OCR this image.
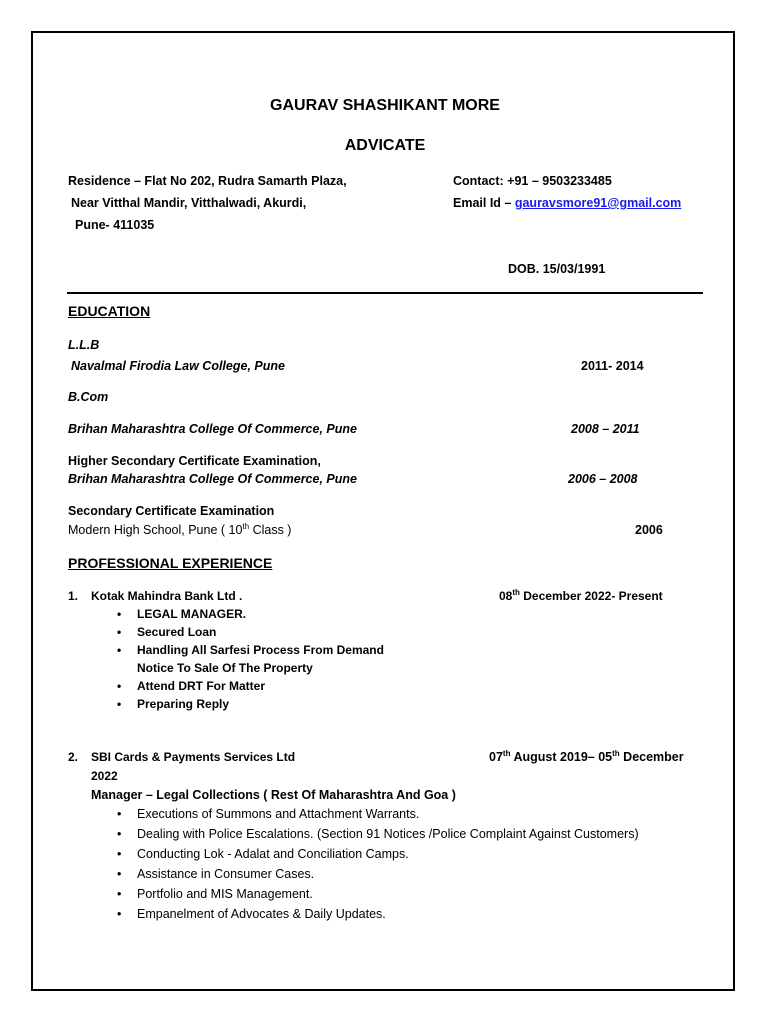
GAURAV SHASHIKANT MORE
ADVICATE
Residence – Flat No 202, Rudra Samarth Plaza,
Near Vitthal Mandir, Vitthalwadi, Akurdi,
Pune- 411035
Contact: +91 – 9503233485
Email Id – gauravsmore91@gmail.com
DOB. 15/03/1991
EDUCATION
L.L.B
Navalmal Firodia Law College, Pune	2011- 2014
B.Com
Brihan Maharashtra College Of Commerce, Pune	2008 – 2011
Higher Secondary Certificate Examination,
Brihan Maharashtra College Of Commerce, Pune	2006 – 2008
Secondary Certificate Examination
Modern High School, Pune ( 10th Class )	2006
PROFESSIONAL EXPERIENCE
1. Kotak Mahindra Bank Ltd .	08th December 2022- Present
• LEGAL MANAGER.
• Secured Loan
• Handling All Sarfesi Process From Demand
Notice To Sale Of The Property
• Attend DRT For Matter
• Preparing Reply
2. SBI Cards & Payments Services Ltd	07th August 2019– 05th December
2022
Manager – Legal Collections ( Rest Of Maharashtra And Goa )
• Executions of Summons and Attachment Warrants.
• Dealing with Police Escalations. (Section 91 Notices /Police Complaint Against Customers)
• Conducting Lok - Adalat and Conciliation Camps.
• Assistance in Consumer Cases.
• Portfolio and MIS Management.
• Empanelment of Advocates & Daily Updates.
